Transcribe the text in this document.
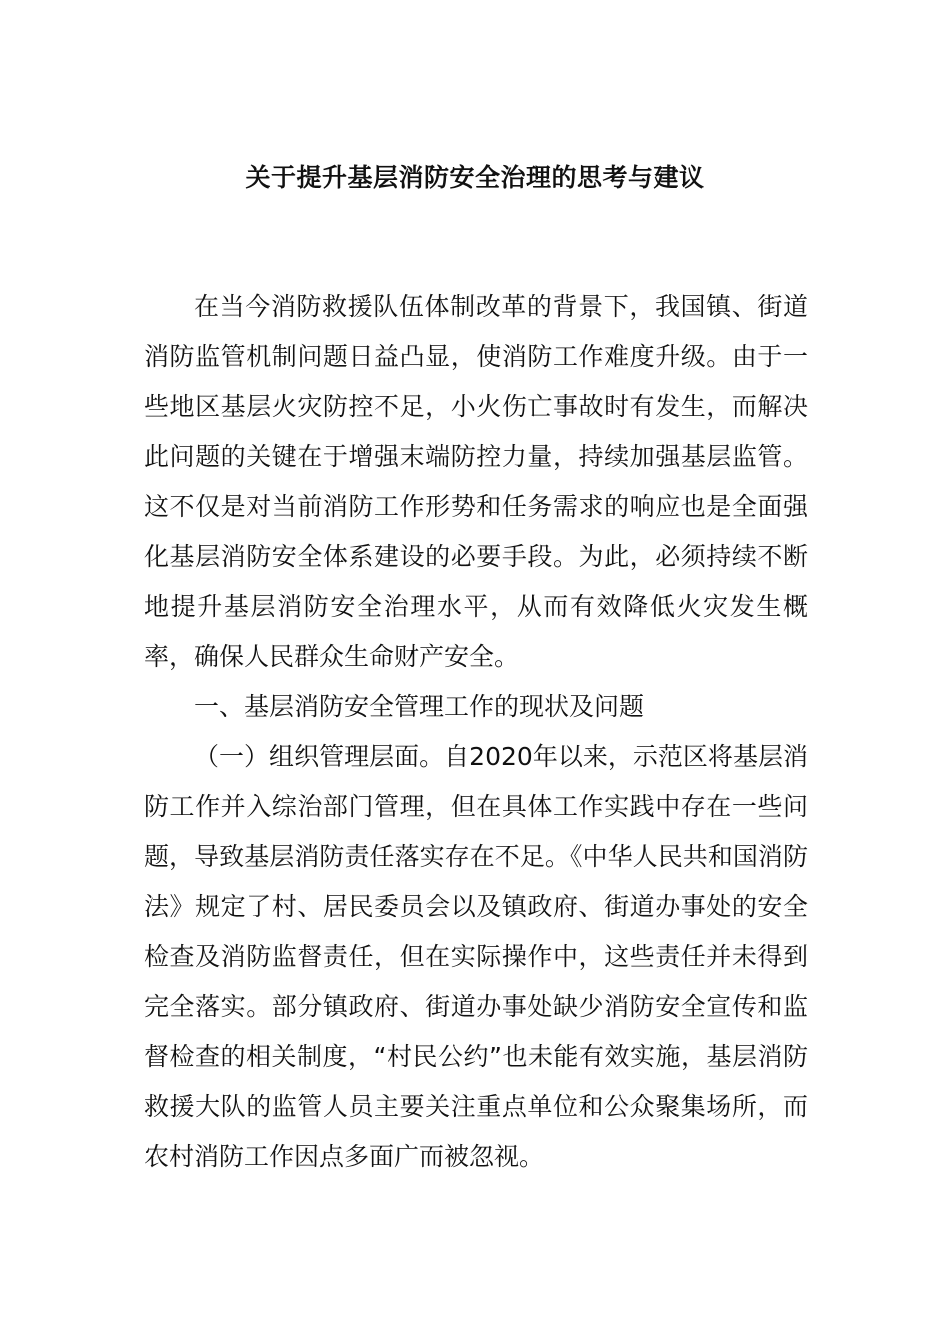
关于提升基层消防安全治理的思考与建议

在当今消防救援队伍体制改革的背景下，我国镇、街道消防监管机制问题日益凸显，使消防工作难度升级。由于一些地区基层火灾防控不足，小火伤亡事故时有发生，而解决此问题的关键在于增强末端防控力量，持续加强基层监管。这不仅是对当前消防工作形势和任务需求的响应也是全面强化基层消防安全体系建设的必要手段。为此，必须持续不断地提升基层消防安全治理水平，从而有效降低火灾发生概率，确保人民群众生命财产安全。

一、基层消防安全管理工作的现状及问题

（一）组织管理层面。自2020年以来，示范区将基层消防工作并入综治部门管理，但在具体工作实践中存在一些问题，导致基层消防责任落实存在不足。《中华人民共和国消防法》规定了村、居民委员会以及镇政府、街道办事处的安全检查及消防监督责任，但在实际操作中，这些责任并未得到完全落实。部分镇政府、街道办事处缺少消防安全宣传和监督检查的相关制度，“村民公约”也未能有效实施，基层消防救援大队的监管人员主要关注重点单位和公众聚集场所，而农村消防工作因点多面广而被忽视。
